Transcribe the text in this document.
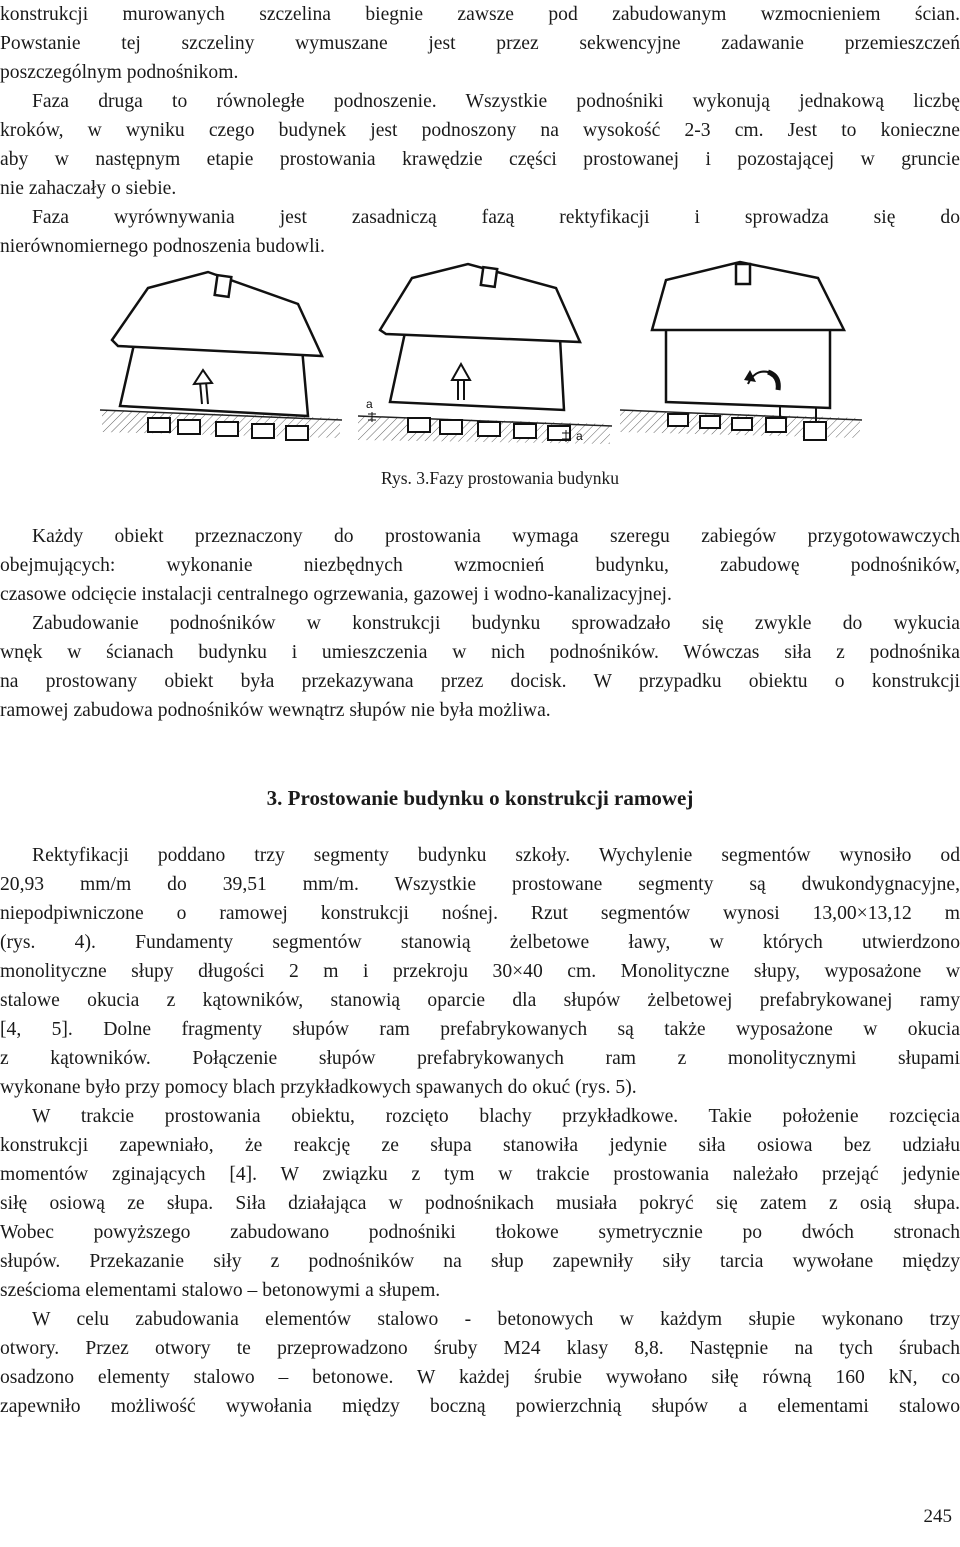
konstrukcji murowanych szczelina biegnie zawsze pod zabudowanym wzmocnieniem ścian.
Powstanie tej szczeliny wymuszane jest przez sekwencyjne zadawanie przemieszczeń
poszczególnym podnośnikom.
Faza druga to równoległe podnoszenie. Wszystkie podnośniki wykonują jednakową liczbę
kroków, w wyniku czego budynek jest podnoszony na wysokość 2-3 cm. Jest to konieczne
aby w następnym etapie prostowania krawędzie części prostowanej i pozostającej w gruncie
nie zahaczały o siebie.
Faza wyrównywania jest zasadniczą fazą rektyfikacji i sprowadza się do
nierównomiernego podnoszenia budowli.
a
a
Rys. 3.Fazy prostowania budynku
Każdy obiekt przeznaczony do prostowania wymaga szeregu zabiegów przygotowawczych
obejmujących: wykonanie niezbędnych wzmocnień budynku, zabudowę podnośników,
czasowe odcięcie instalacji centralnego ogrzewania, gazowej i wodno-kanalizacyjnej.
Zabudowanie podnośników w konstrukcji budynku sprowadzało się zwykle do wykucia
wnęk w ścianach budynku i umieszczenia w nich podnośników. Wówczas siła z podnośnika
na prostowany obiekt była przekazywana przez docisk. W przypadku obiektu o konstrukcji
ramowej zabudowa podnośników wewnątrz słupów nie była możliwa.
3. Prostowanie budynku o konstrukcji ramowej
Rektyfikacji poddano trzy segmenty budynku szkoły. Wychylenie segmentów wynosiło od
20,93 mm/m do 39,51 mm/m. Wszystkie prostowane segmenty są dwukondygnacyjne,
niepodpiwniczone o ramowej konstrukcji nośnej. Rzut segmentów wynosi 13,00×13,12 m
(rys. 4). Fundamenty segmentów stanowią żelbetowe ławy, w których utwierdzono
monolityczne słupy długości 2 m i przekroju 30×40 cm. Monolityczne słupy, wyposażone w
stalowe okucia z kątowników, stanowią oparcie dla słupów żelbetowej prefabrykowanej ramy
[4, 5]. Dolne fragmenty słupów ram prefabrykowanych są także wyposażone w okucia
z kątowników. Połączenie słupów prefabrykowanych ram z monolitycznymi słupami
wykonane było przy pomocy blach przykładkowych spawanych do okuć (rys. 5).
W trakcie prostowania obiektu, rozcięto blachy przykładkowe. Takie położenie rozcięcia
konstrukcji zapewniało, że reakcję ze słupa stanowiła jedynie siła osiowa bez udziału
momentów zginających [4]. W związku z tym w trakcie prostowania należało przejąć jedynie
siłę osiową ze słupa. Siła działająca w podnośnikach musiała pokryć się zatem z osią słupa.
Wobec powyższego zabudowano podnośniki tłokowe symetrycznie po dwóch stronach
słupów. Przekazanie siły z podnośników na słup zapewniły siły tarcia wywołane między
sześcioma elementami stalowo – betonowymi a słupem.
W celu zabudowania elementów stalowo - betonowych w każdym słupie wykonano trzy
otwory. Przez otwory te przeprowadzono śruby M24 klasy 8,8. Następnie na tych śrubach
osadzono elementy stalowo – betonowe. W każdej śrubie wywołano siłę równą 160 kN, co
zapewniło możliwość wywołania między boczną powierzchnią słupów a elementami stalowo
245
